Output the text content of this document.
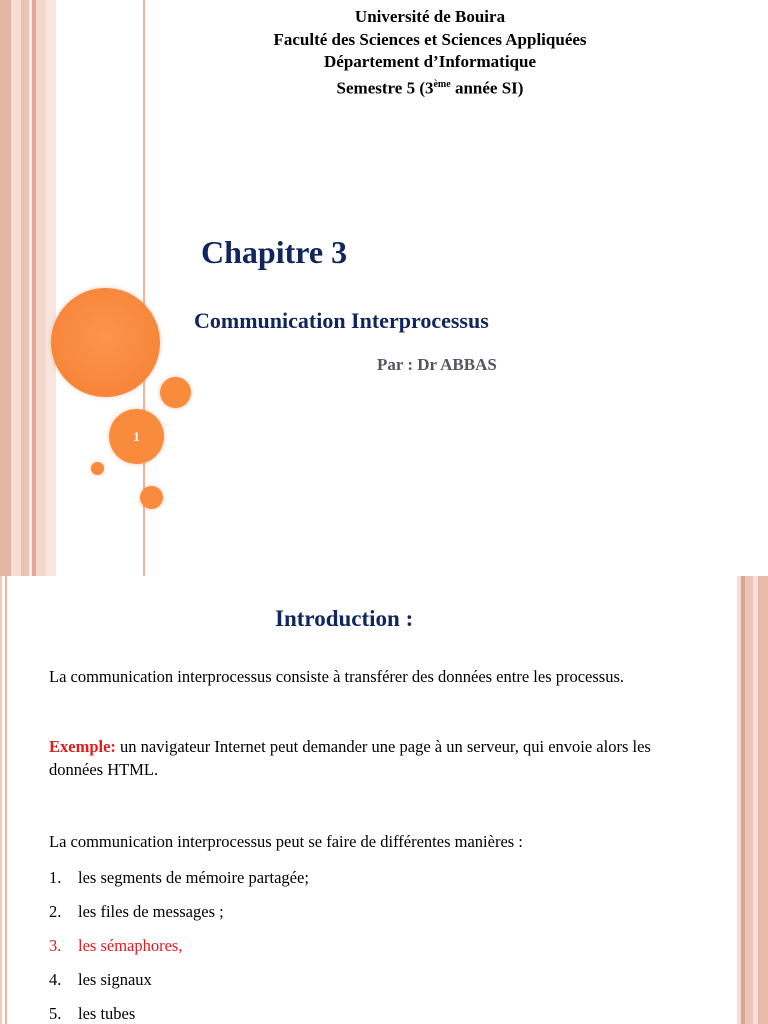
1
Université de Bouira
Faculté des Sciences et Sciences Appliquées
Département d’Informatique
Semestre 5 (3ème année SI)
Chapitre 3
Communication Interprocessus
Par : Dr ABBAS
Introduction :
La communication interprocessus consiste à transférer des données entre les processus.
Exemple: un navigateur Internet peut demander une page à un serveur, qui envoie alors les données HTML.
La communication interprocessus peut se faire de différentes manières :
1. les segments de mémoire partagée;
2. les files de messages ;
3. les sémaphores,
4. les signaux
5. les tubes
